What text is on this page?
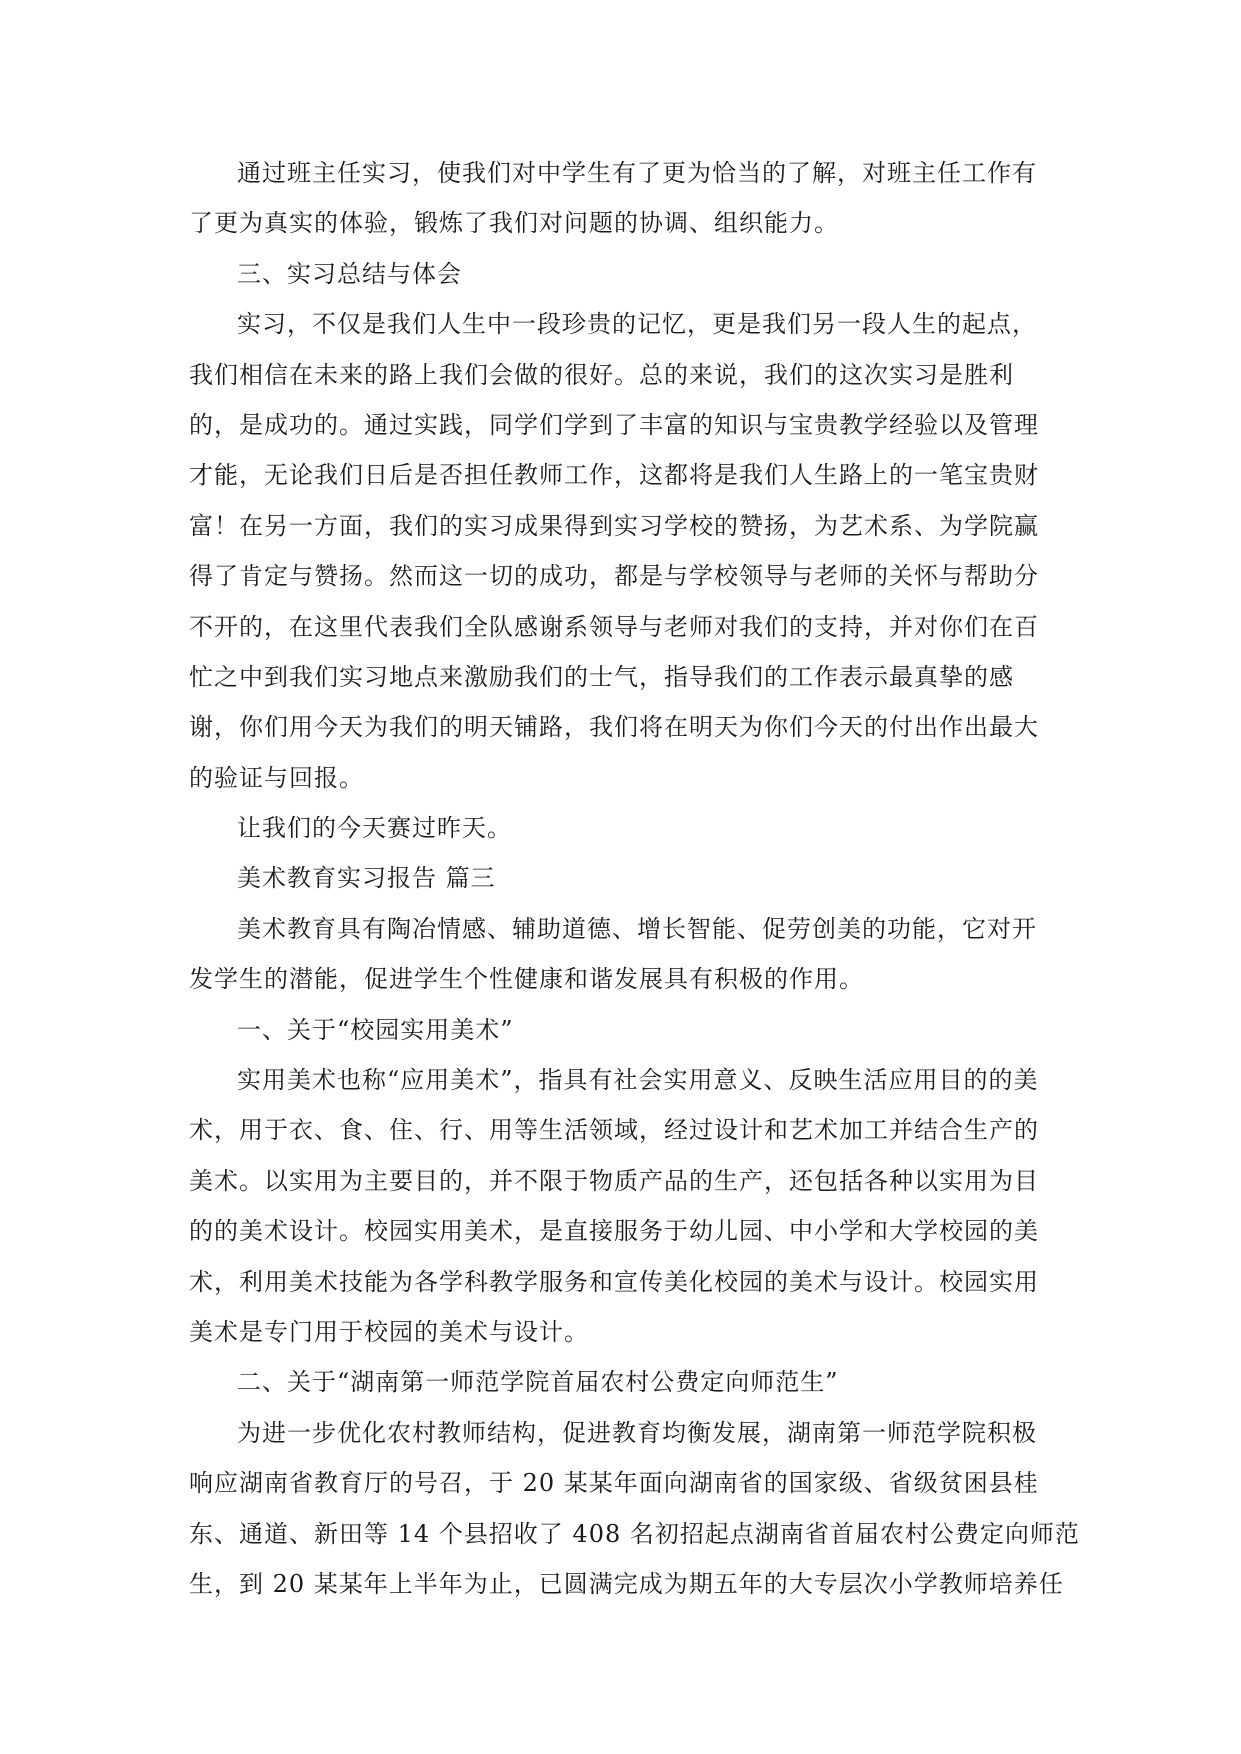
通过班主任实习，使我们对中学生有了更为恰当的了解，对班主任工作有
了更为真实的体验，锻炼了我们对问题的协调、组织能力。
三、实习总结与体会
实习，不仅是我们人生中一段珍贵的记忆，更是我们另一段人生的起点，
我们相信在未来的路上我们会做的很好。总的来说，我们的这次实习是胜利
的，是成功的。通过实践，同学们学到了丰富的知识与宝贵教学经验以及管理
才能，无论我们日后是否担任教师工作，这都将是我们人生路上的一笔宝贵财
富！在另一方面，我们的实习成果得到实习学校的赞扬，为艺术系、为学院赢
得了肯定与赞扬。然而这一切的成功，都是与学校领导与老师的关怀与帮助分
不开的，在这里代表我们全队感谢系领导与老师对我们的支持，并对你们在百
忙之中到我们实习地点来激励我们的士气，指导我们的工作表示最真挚的感
谢，你们用今天为我们的明天铺路，我们将在明天为你们今天的付出作出最大
的验证与回报。
让我们的今天赛过昨天。
美术教育实习报告 篇三
美术教育具有陶冶情感、辅助道德、增长智能、促劳创美的功能，它对开
发学生的潜能，促进学生个性健康和谐发展具有积极的作用。
一、关于“校园实用美术”
实用美术也称“应用美术”，指具有社会实用意义、反映生活应用目的的美
术，用于衣、食、住、行、用等生活领域，经过设计和艺术加工并结合生产的
美术。以实用为主要目的，并不限于物质产品的生产，还包括各种以实用为目
的的美术设计。校园实用美术，是直接服务于幼儿园、中小学和大学校园的美
术，利用美术技能为各学科教学服务和宣传美化校园的美术与设计。校园实用
美术是专门用于校园的美术与设计。
二、关于“湖南第一师范学院首届农村公费定向师范生”
为进一步优化农村教师结构，促进教育均衡发展，湖南第一师范学院积极
响应湖南省教育厅的号召，于 20 某某年面向湖南省的国家级、省级贫困县桂
东、通道、新田等 14 个县招收了 408 名初招起点湖南省首届农村公费定向师范
生，到 20 某某年上半年为止，已圆满完成为期五年的大专层次小学教师培养任
